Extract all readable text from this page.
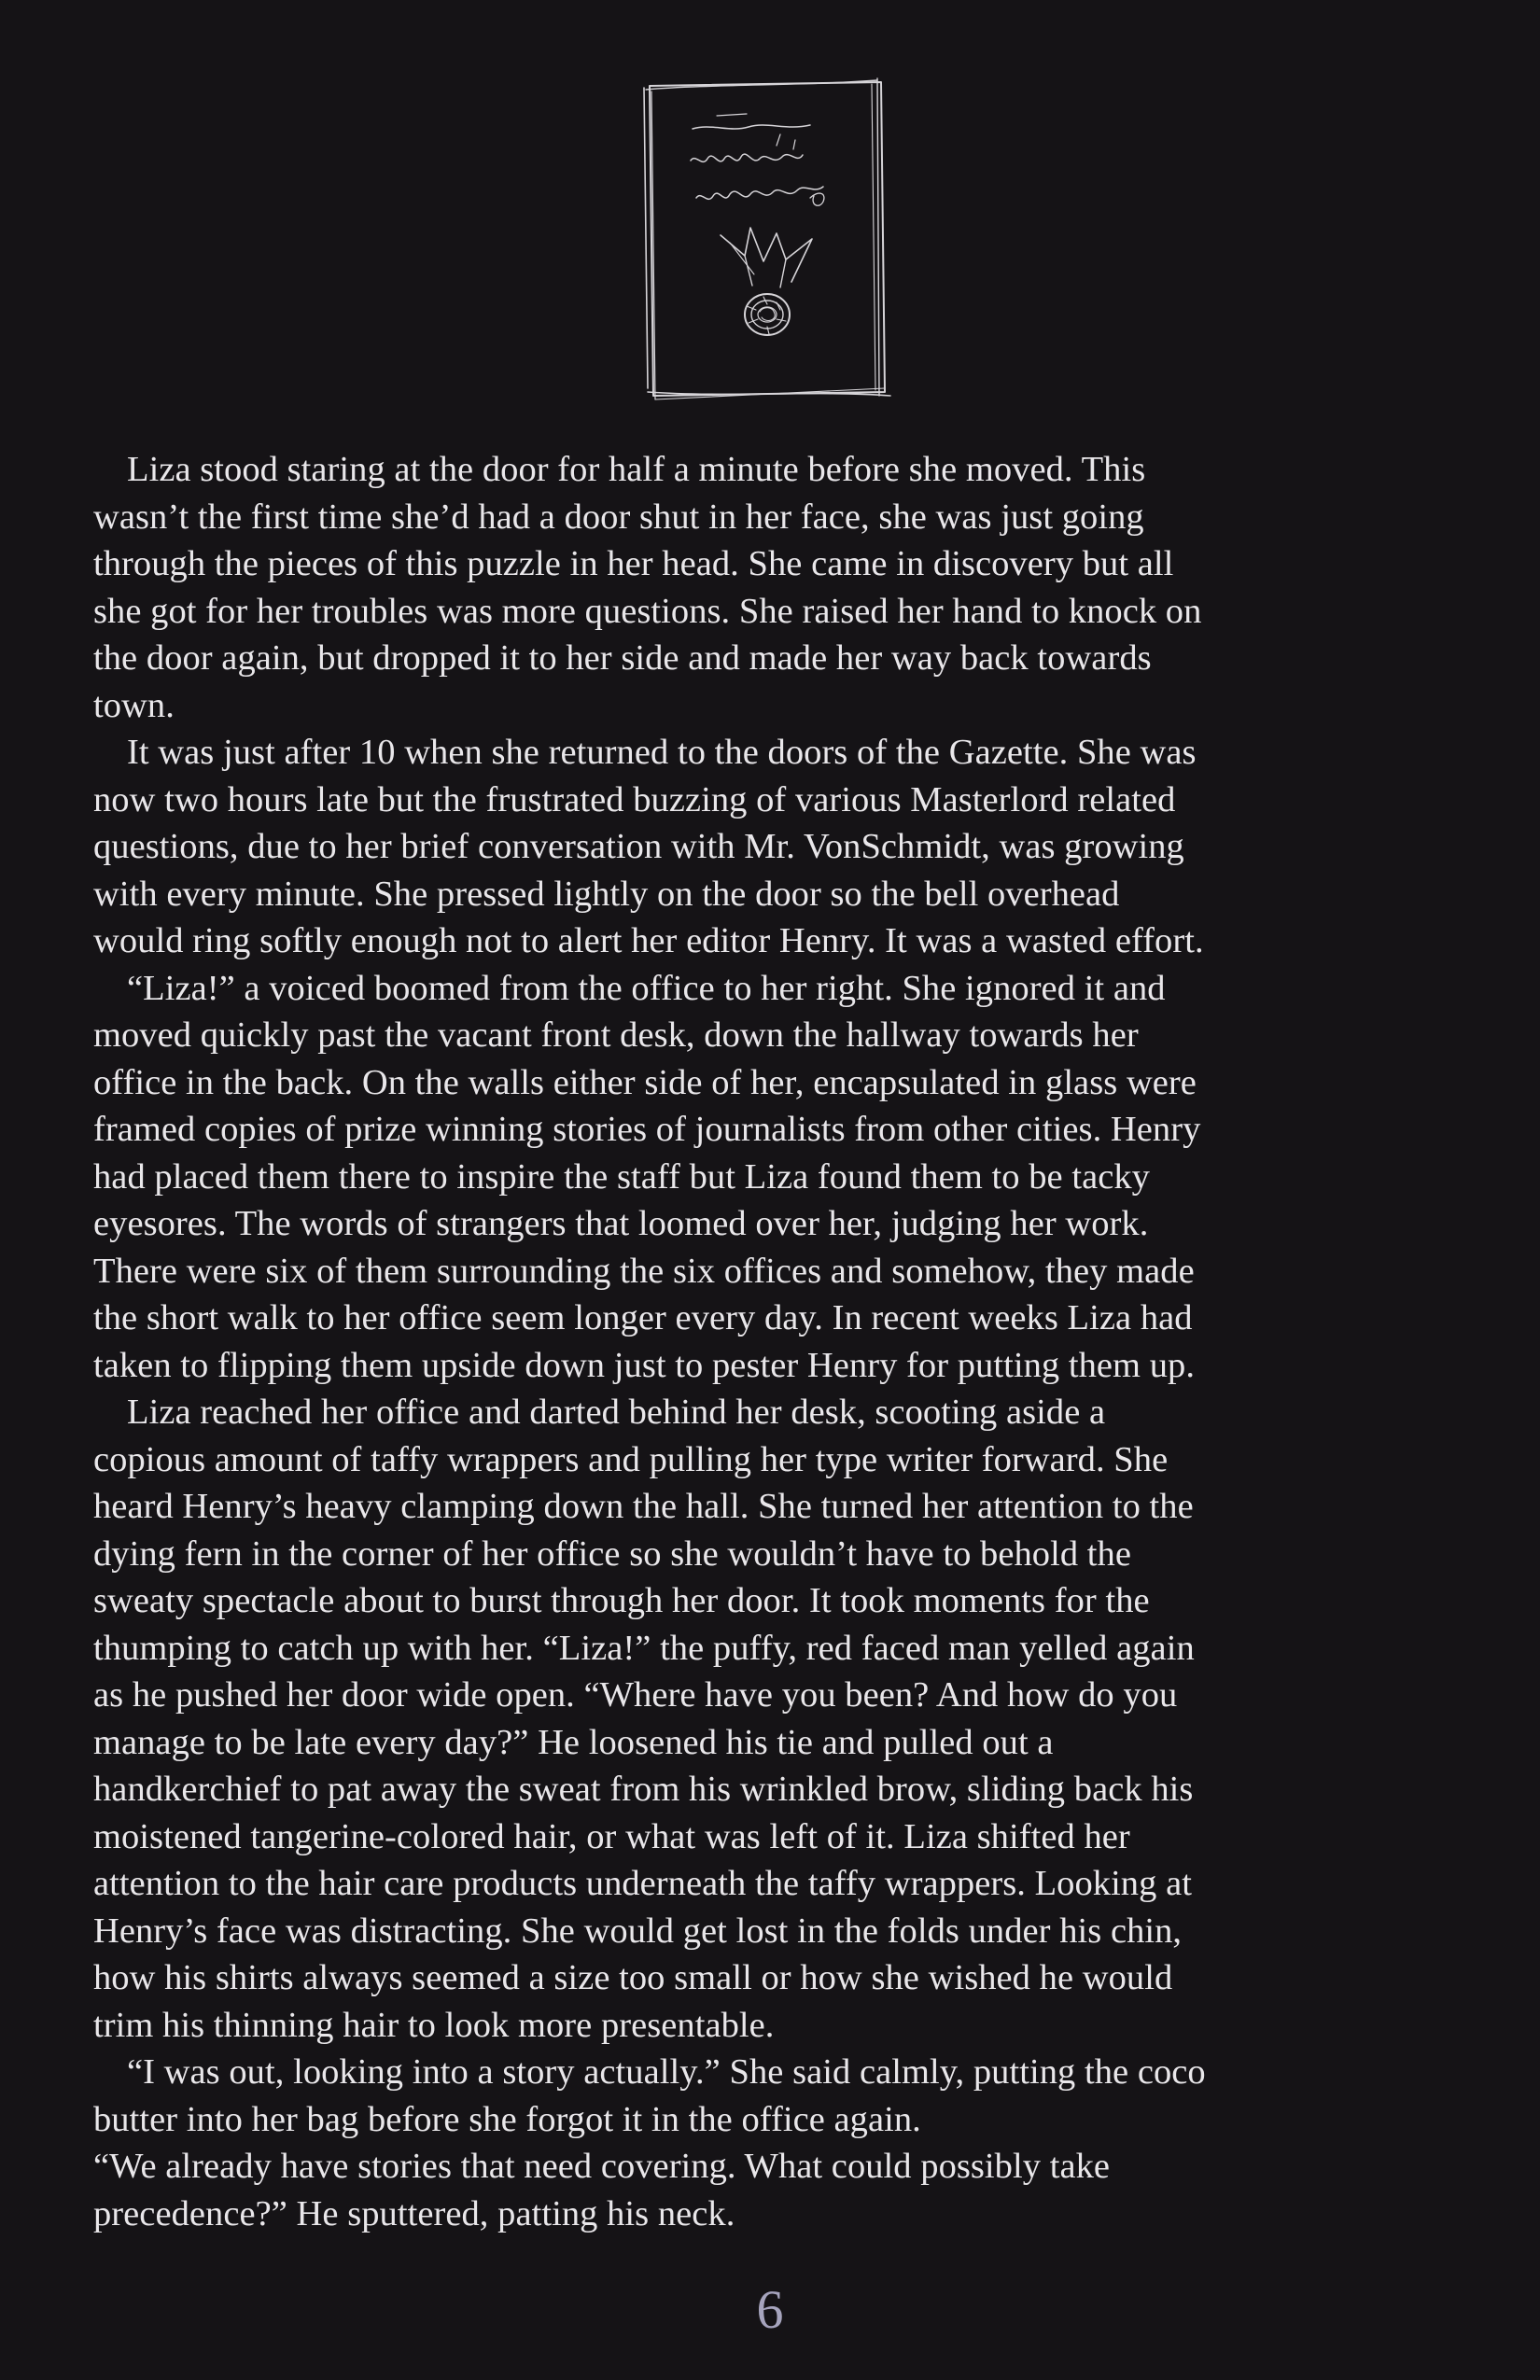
Liza stood staring at the door for half a minute before she moved. This
wasn’t the first time she’d had a door shut in her face, she was just going
through the pieces of this puzzle in her head. She came in discovery but all
she got for her troubles was more questions. She raised her hand to knock on
the door again, but dropped it to her side and made her way back towards
town.

It was just after 10 when she returned to the doors of the Gazette. She was
now two hours late but the frustrated buzzing of various Masterlord related
questions, due to her brief conversation with Mr. VonSchmidt, was growing
with every minute. She pressed lightly on the door so the bell overhead
would ring softly enough not to alert her editor Henry. It was a wasted effort.

“Liza!” a voiced boomed from the office to her right. She ignored it and
moved quickly past the vacant front desk, down the hallway towards her
office in the back. On the walls either side of her, encapsulated in glass were
framed copies of prize winning stories of journalists from other cities. Henry
had placed them there to inspire the staff but Liza found them to be tacky
eyesores. The words of strangers that loomed over her, judging her work.
There were six of them surrounding the six offices and somehow, they made
the short walk to her office seem longer every day. In recent weeks Liza had
taken to flipping them upside down just to pester Henry for putting them up.

Liza reached her office and darted behind her desk, scooting aside a
copious amount of taffy wrappers and pulling her type writer forward. She
heard Henry’s heavy clamping down the hall. She turned her attention to the
dying fern in the corner of her office so she wouldn’t have to behold the
sweaty spectacle about to burst through her door. It took moments for the
thumping to catch up with her. “Liza!” the puffy, red faced man yelled again
as he pushed her door wide open. “Where have you been? And how do you
manage to be late every day?” He loosened his tie and pulled out a
handkerchief to pat away the sweat from his wrinkled brow, sliding back his
moistened tangerine-colored hair, or what was left of it. Liza shifted her
attention to the hair care products underneath the taffy wrappers. Looking at
Henry’s face was distracting. She would get lost in the folds under his chin,
how his shirts always seemed a size too small or how she wished he would
trim his thinning hair to look more presentable.

“I was out, looking into a story actually.” She said calmly, putting the coco
butter into her bag before she forgot it in the office again.

“We already have stories that need covering. What could possibly take
precedence?” He sputtered, patting his neck.

6
